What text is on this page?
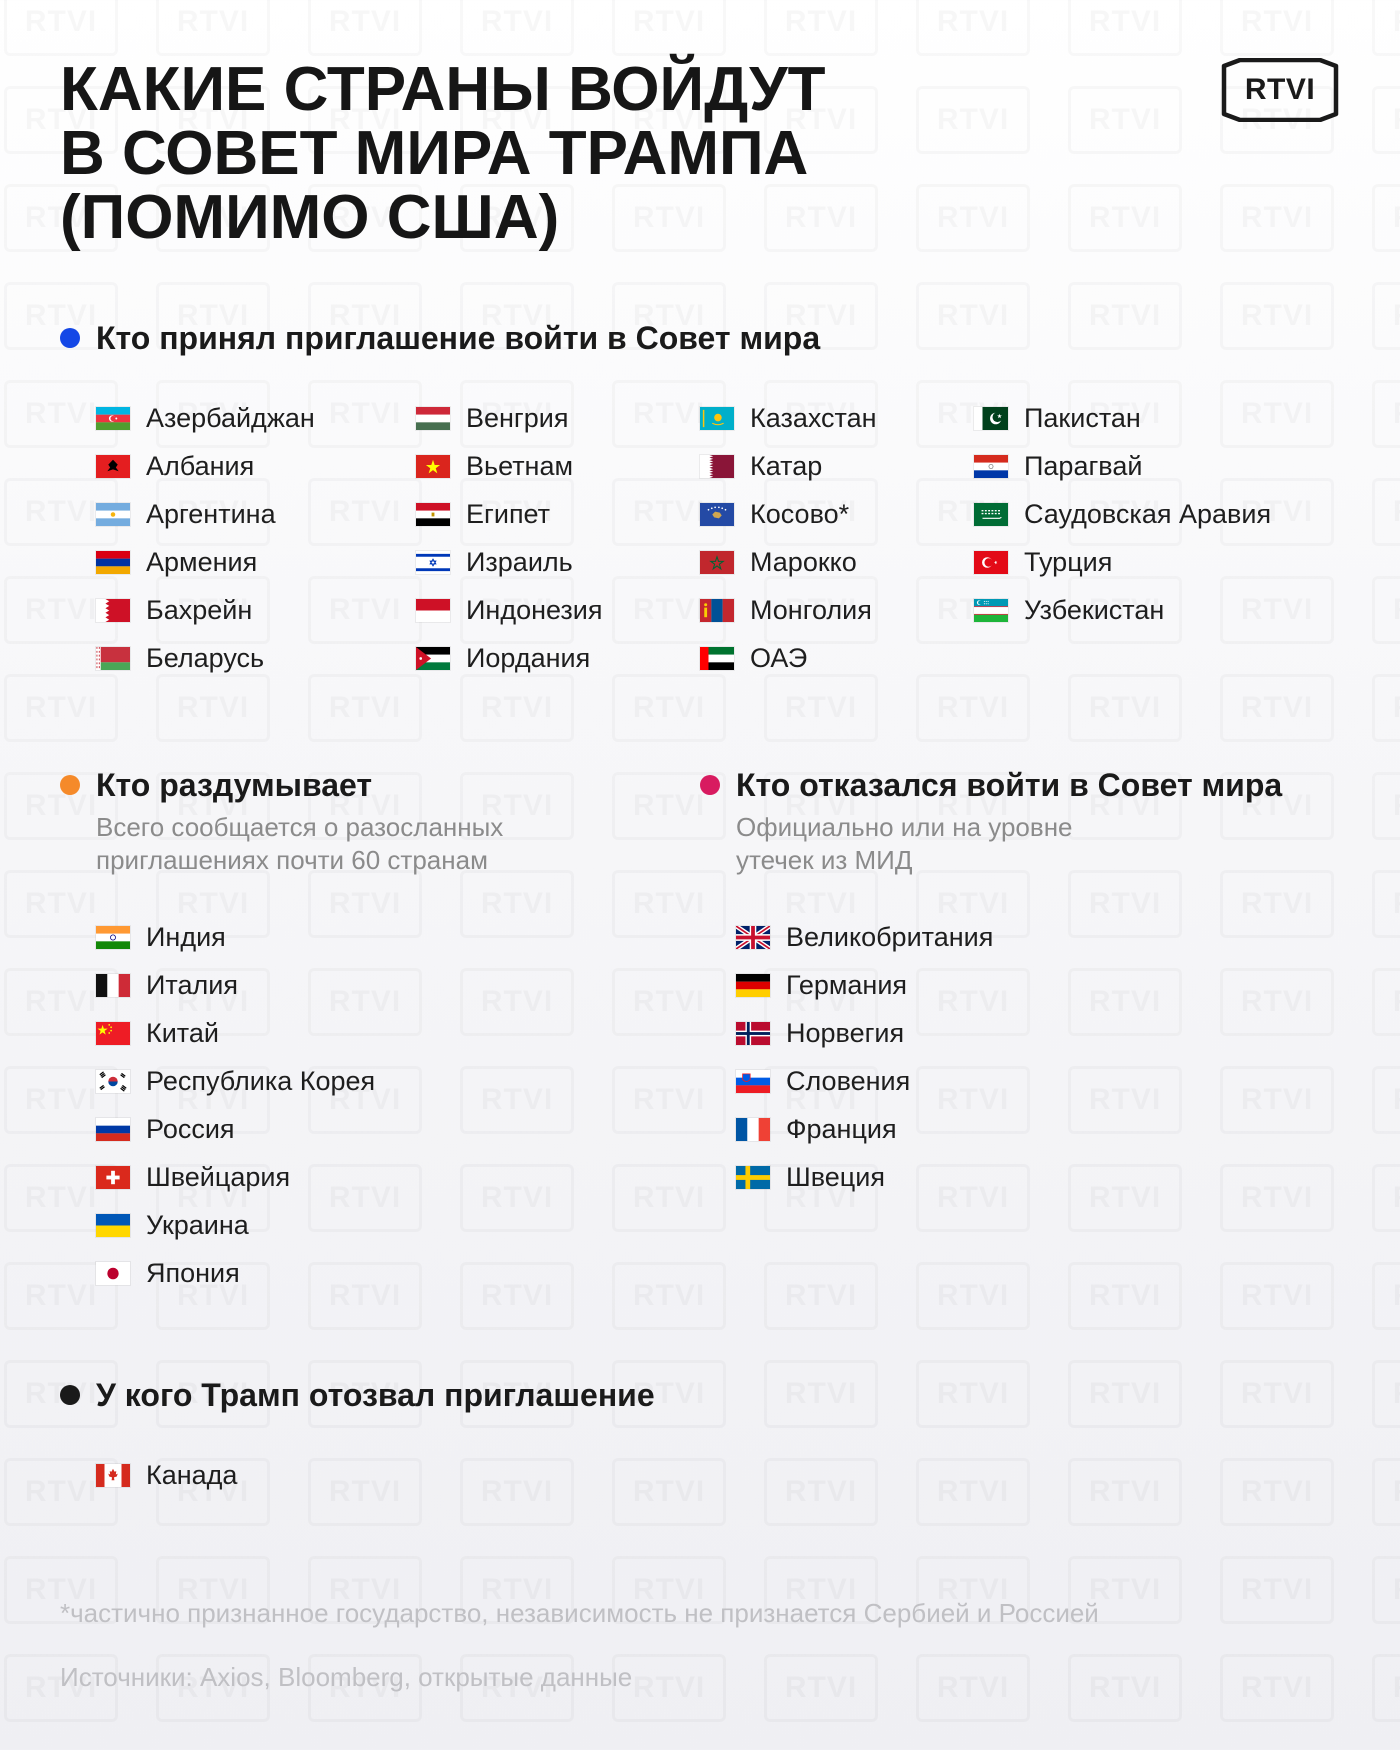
КАКИЕ СТРАНЫ ВОЙДУТ
В СОВЕТ МИРА ТРАМПА
(ПОМИМО США)
RTVI
Кто принял приглашение войти в Совет мира
Азербайджан
Албания
Аргентина
Армения
Бахрейн
Беларусь
Венгрия
Вьетнам
Египет
Израиль
Индонезия
Иордания
Казахстан
Катар
Косово*
Марокко
Монголия
ОАЭ
Пакистан
Парагвай
Саудовская Аравия
Турция
Узбекистан
Кто раздумывает
Всего сообщается о разосланных приглашениях почти 60 странам
Индия
Италия
Китай
Республика Корея
Россия
Швейцария
Украина
Япония
Кто отказался войти в Совет мира
Официально или на уровне утечек из МИД
Великобритания
Германия
Норвегия
Словения
Франция
Швеция
У кого Трамп отозвал приглашение
Канада
*частично признанное государство, независимость не признается Сербией и Россией
Источники: Axios, Bloomberg, открытые данные
